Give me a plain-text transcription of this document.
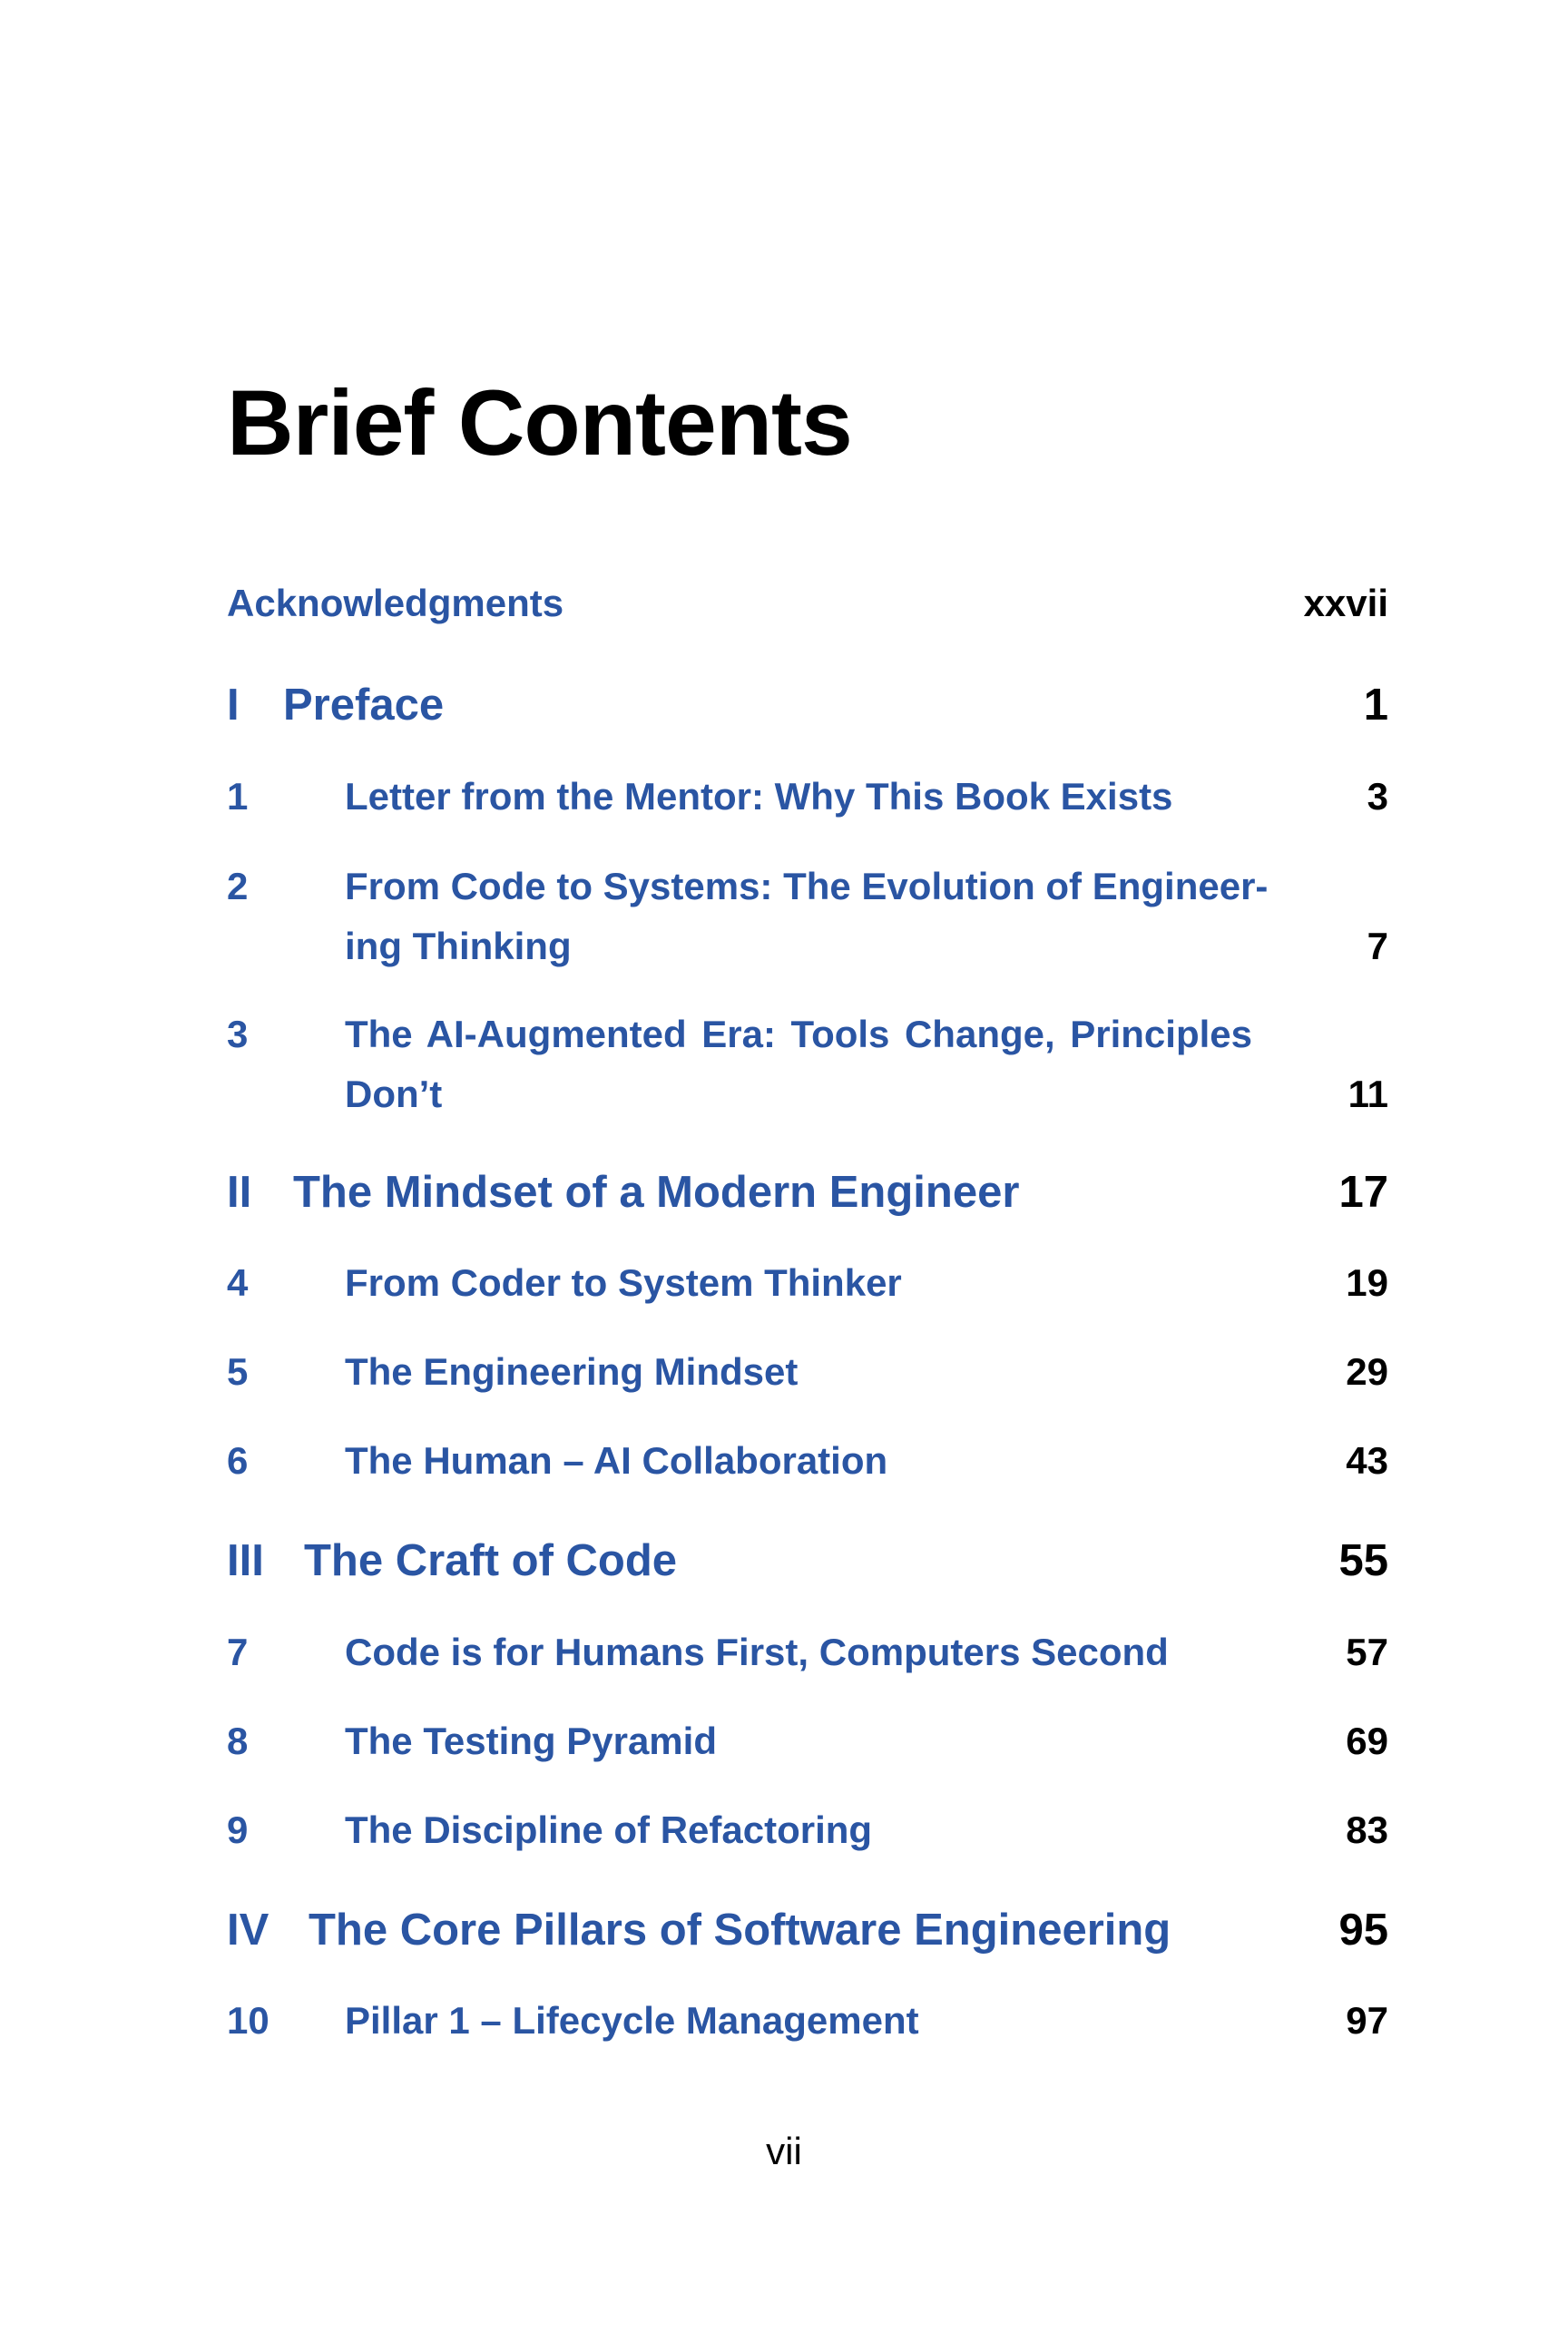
Brief Contents
Acknowledgments	xxvii
I Preface	1
1	Letter from the Mentor: Why This Book Exists	3
2	From Code to Systems: The Evolution of Engineer-
ing Thinking	7
3	The AI-Augmented Era: Tools Change, Principles
Don’t	11
II The Mindset of a Modern Engineer	17
4	From Coder to System Thinker	19
5	The Engineering Mindset	29
6	The Human – AI Collaboration	43
III The Craft of Code	55
7	Code is for Humans First, Computers Second	57
8	The Testing Pyramid	69
9	The Discipline of Refactoring	83
IV The Core Pillars of Software Engineering	95
10 Pillar 1 – Lifecycle Management	97
vii
